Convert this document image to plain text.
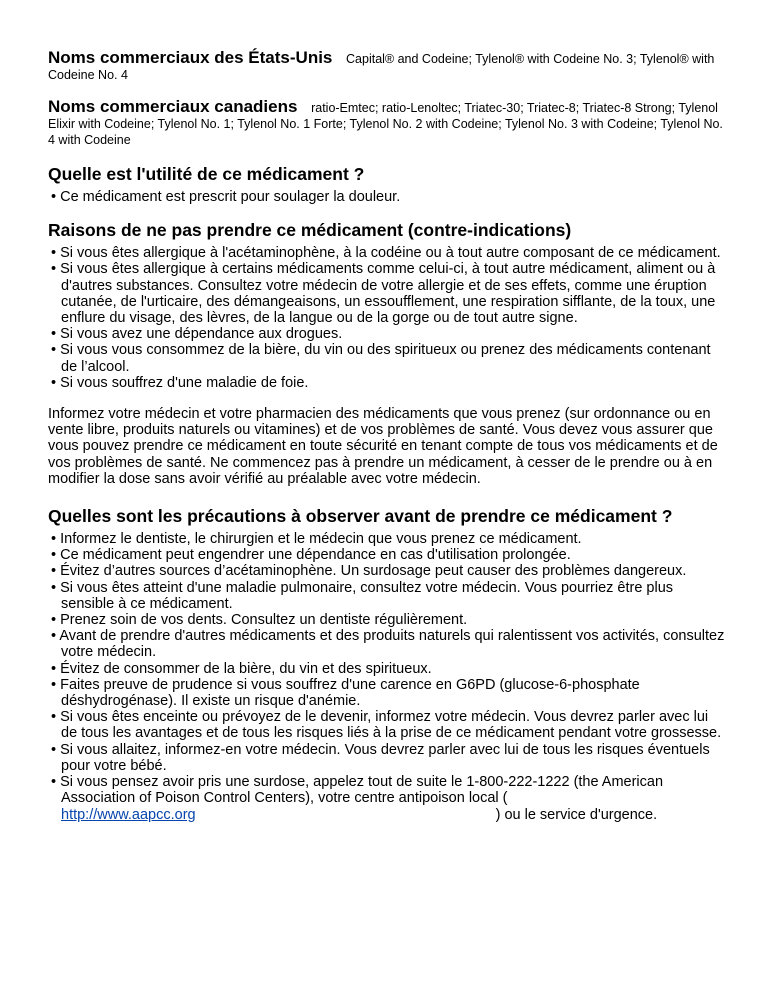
Noms commerciaux des États-Unis Capital® and Codeine; Tylenol® with Codeine No. 3; Tylenol® with Codeine No. 4
Noms commerciaux canadiens ratio-Emtec; ratio-Lenoltec; Triatec-30; Triatec-8; Triatec-8 Strong; Tylenol Elixir with Codeine; Tylenol No. 1; Tylenol No. 1 Forte; Tylenol No. 2 with Codeine; Tylenol No. 3 with Codeine; Tylenol No. 4 with Codeine
Quelle est l'utilité de ce médicament ?
• Ce médicament est prescrit pour soulager la douleur.
Raisons de ne pas prendre ce médicament (contre-indications)
• Si vous êtes allergique à l'acétaminophène, à la codéine ou à tout autre composant de ce médicament.
• Si vous êtes allergique à certains médicaments comme celui-ci, à tout autre médicament, aliment ou à d'autres substances. Consultez votre médecin de votre allergie et de ses effets, comme une éruption cutanée, de l'urticaire, des démangeaisons, un essoufflement, une respiration sifflante, de la toux, une enflure du visage, des lèvres, de la langue ou de la gorge ou de tout autre signe.
• Si vous avez une dépendance aux drogues.
• Si vous vous consommez de la bière, du vin ou des spiritueux ou prenez des médicaments contenant de l’alcool.
• Si vous souffrez d'une maladie de foie.

Informez votre médecin et votre pharmacien des médicaments que vous prenez (sur ordonnance ou en vente libre, produits naturels ou vitamines) et de vos problèmes de santé. Vous devez vous assurer que vous pouvez prendre ce médicament en toute sécurité en tenant compte de tous vos médicaments et de vos problèmes de santé. Ne commencez pas à prendre un médicament, à cesser de le prendre ou à en modifier la dose sans avoir vérifié au préalable avec votre médecin.

Quelles sont les précautions à observer avant de prendre ce médicament ?
• Informez le dentiste, le chirurgien et le médecin que vous prenez ce médicament.
• Ce médicament peut engendrer une dépendance en cas d'utilisation prolongée.
• Évitez d’autres sources d’acétaminophène. Un surdosage peut causer des problèmes dangereux.
• Si vous êtes atteint d'une maladie pulmonaire, consultez votre médecin. Vous pourriez être plus sensible à ce médicament.
• Prenez soin de vos dents. Consultez un dentiste régulièrement.
• Avant de prendre d'autres médicaments et des produits naturels qui ralentissent vos activités, consultez votre médecin.
• Évitez de consommer de la bière, du vin et des spiritueux.
• Faites preuve de prudence si vous souffrez d'une carence en G6PD (glucose-6-phosphate déshydrogénase). Il existe un risque d'anémie.
• Si vous êtes enceinte ou prévoyez de le devenir, informez votre médecin. Vous devrez parler avec lui de tous les avantages et de tous les risques liés à la prise de ce médicament pendant votre grossesse.
• Si vous allaitez, informez-en votre médecin. Vous devrez parler avec lui de tous les risques éventuels pour votre bébé.
• Si vous pensez avoir pris une surdose, appelez tout de suite le 1-800-222-1222 (the American Association of Poison Control Centers), votre centre antipoison local (
http://www.aapcc.org	) ou le service d'urgence.
